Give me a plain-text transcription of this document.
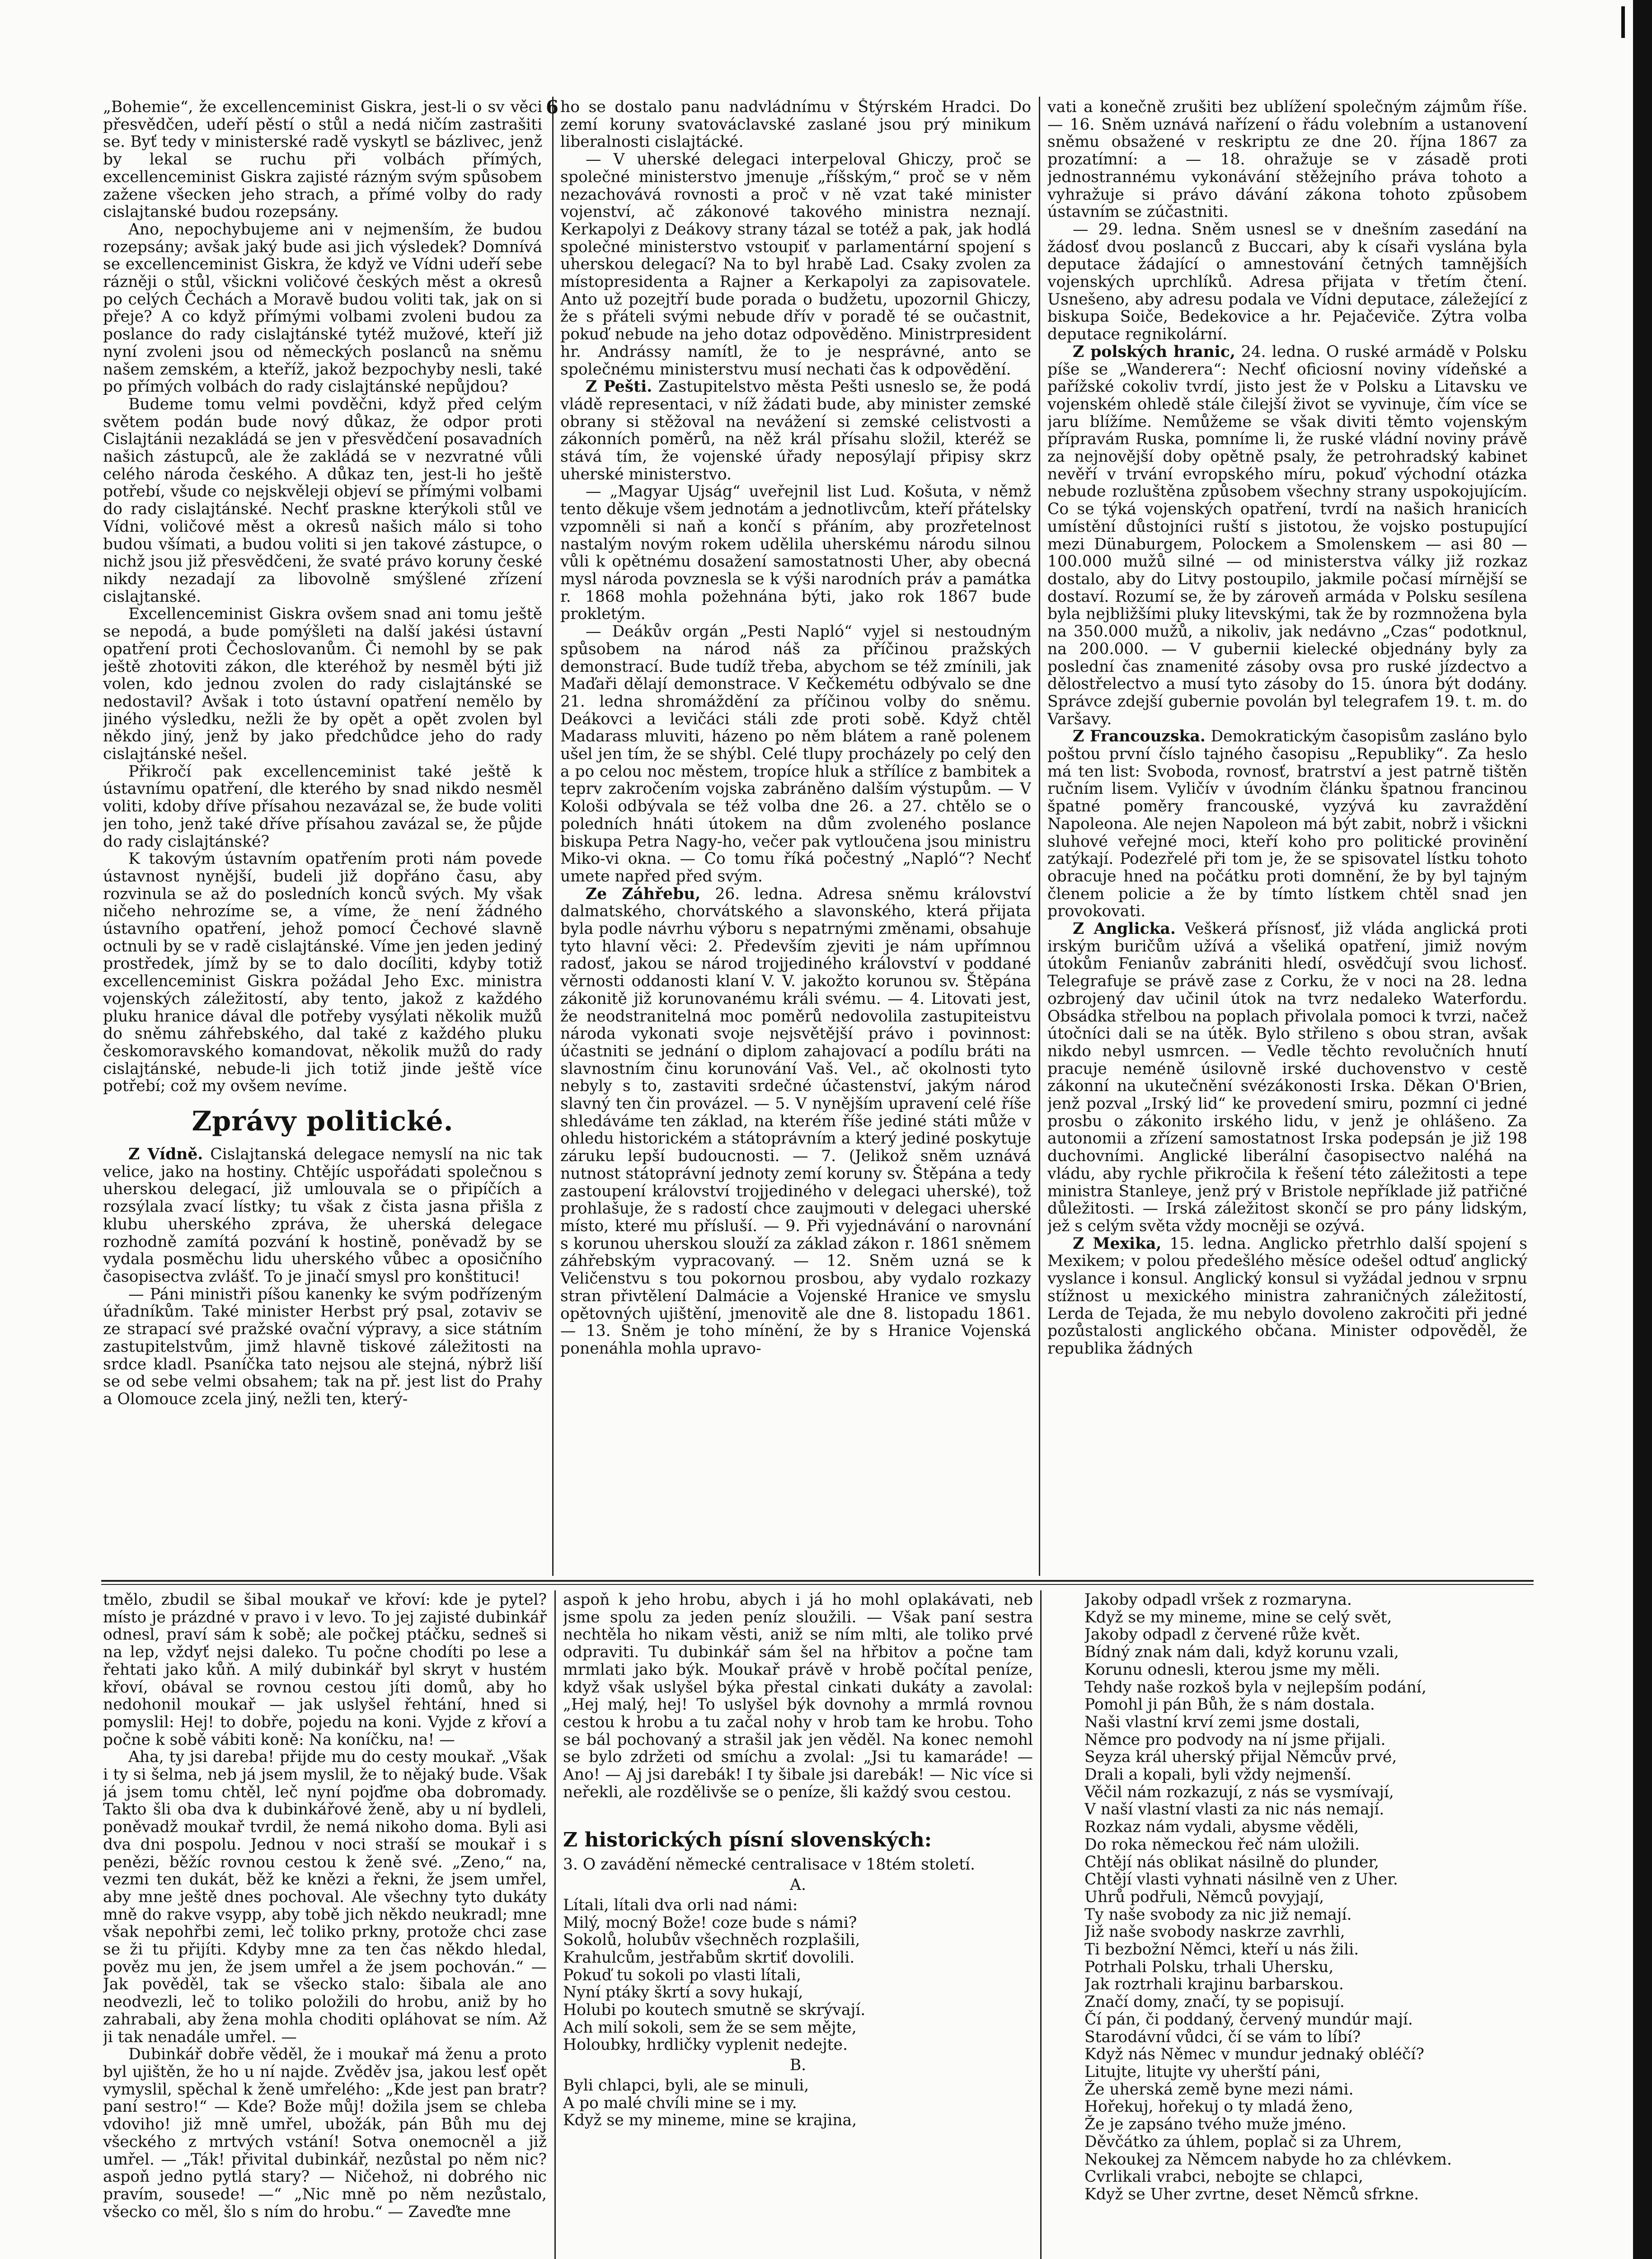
6

„Bohemie“, že excellenceminist Giskra, jest-li o sv věci přesvědčen, udeří pěstí o stůl a nedá ničím zastrašiti se. Byť tedy v ministerské radě vyskytl se bázlivec, jenž by lekal se ruchu při volbách přímých, excellenceminist Giskra zajisté rázným svým spůsobem zažene všecken jeho strach, a přímé volby do rady cislajtanské budou rozepsány.

Ano, nepochybujeme ani v nejmenším, že budou rozepsány; avšak jaký bude asi jich výsledek? Domnívá se excellenceminist Giskra, že když ve Vídni udeří sebe rázněji o stůl, všickni voličové českých měst a okresů po celých Čechách a Moravě budou voliti tak, jak on si přeje? A co když přímými volbami zvoleni budou za poslance do rady cislajtánské tytéž mužové, kteří již nyní zvoleni jsou od německých poslanců na sněmu našem zemském, a kteříž, jakož bezpochyby nesli, také po přímých volbách do rady cislajtánské nepůjdou?

Budeme tomu velmi povděčni, když před celým světem podán bude nový důkaz, že odpor proti Cislajtánii nezakládá se jen v přesvědčení posavadních našich zástupců, ale že zakládá se v nezvratné vůli celého národa českého. A důkaz ten, jest-li ho ještě potřebí, všude co nejskvěleji objeví se přímými volbami do rady cislajtánské. Nechť praskne kterýkoli stůl ve Vídni, voličové měst a okresů našich málo si toho budou všímati, a budou voliti si jen takové zástupce, o nichž jsou již přesvědčeni, že svaté právo koruny české nikdy nezadají za libovolně smýšlené zřízení cislajtanské.

Excellenceminist Giskra ovšem snad ani tomu ještě se nepodá, a bude pomýšleti na další jakési ústavní opatření proti Čechoslovanům. Či nemohl by se pak ještě zhotoviti zákon, dle kteréhož by nesměl býti již volen, kdo jednou zvolen do rady cislajtánské se nedostavil? Avšak i toto ústavní opatření nemělo by jiného výsledku, nežli že by opět a opět zvolen byl někdo jiný, jenž by jako předchůdce jeho do rady cislajtánské nešel.

Přikročí pak excellenceminist také ještě k ústavnímu opatření, dle kterého by snad nikdo nesměl voliti, kdoby dříve přísahou nezavázal se, že bude voliti jen toho, jenž také dříve přísahou zavázal se, že půjde do rady cislajtánské?

K takovým ústavním opatřením proti nám povede ústavnost nynější, budeli již dopřáno času, aby rozvinula se až do posledních konců svých. My však ničeho nehrozíme se, a víme, že není žádného ústavního opatření, jehož pomocí Čechové slavně octnuli by se v radě cislajtánské. Víme jen jeden jediný prostředek, jímž by se to dalo docíliti, kdyby totiž excellenceminist Giskra požádal Jeho Exc. ministra vojenských záležitostí, aby tento, jakož z každého pluku hranice dával dle potřeby vysýlati několik mužů do sněmu záhřebského, dal také z každého pluku českomoravského komandovat, několik mužů do rady cislajtánské, nebude-li jich totiž jinde ještě více potřebí; což my ovšem nevíme.

Zprávy politické.

Z Vídně. Cislajtanská delegace nemyslí na nic tak velice, jako na hostiny. Chtějíc uspořádati společnou s uherskou delegací, již umlouvala se o připíčích a rozsýlala zvací lístky; tu však z čista jasna přišla z klubu uherského zpráva, že uherská delegace rozhodně zamítá pozvání k hostině, poněvadž by se vydala posměchu lidu uherského vůbec a oposičního časopisectva zvlášť. To je jinačí smysl pro konštituci!

— Páni ministři píšou kanenky ke svým podřízeným úřadníkům. Také minister Herbst prý psal, zotaviv se ze strapací své pražské ovační výpravy, a sice státním zastupitelstvům, jimž hlavně tiskové záležitosti na srdce kladl. Psaníčka tato nejsou ale stejná, nýbrž liší se od sebe velmi obsahem; tak na př. jest list do Prahy a Olomouce zcela jiný, nežli ten, který-

ho se dostalo panu nadvládnímu v Štýrském Hradci. Do zemí koruny svatováclavské zaslané jsou prý minikum liberalnosti cislajtácké.

— V uherské delegaci interpeloval Ghiczy, proč se společné ministerstvo jmenuje „říšským,“ proč se v něm nezachovává rovnosti a proč v ně vzat také minister vojenství, ač zákonové takového ministra neznají. Kerkapolyi z Deákovy strany tázal se totéž a pak, jak hodlá společné ministerstvo vstoupiť v parlamentární spojení s uherskou delegací? Na to byl hrabě Lad. Csaky zvolen za místopresidenta a Rajner a Kerkapolyi za zapisovatele. Anto už pozejtří bude porada o budžetu, upozornil Ghiczy, že s přáteli svými nebude dřív v poradě té se oučastnit, pokuď nebude na jeho dotaz odpověděno. Ministrpresident hr. Andrássy namítl, že to je nesprávné, anto se společnému ministerstvu musí nechati čas k odpovědění.

Z Pešti. Zastupitelstvo města Pešti usneslo se, že podá vládě representaci, v níž žádati bude, aby minister zemské obrany si stěžoval na nevážení si zemské celistvosti a zákonních poměrů, na něž král přísahu složil, kteréž se stává tím, že vojenské úřady neposýlají připisy skrz uherské ministerstvo.

— „Magyar Ujság“ uveřejnil list Lud. Košuta, v němž tento děkuje všem jednotám a jednotlivcům, kteří přátelsky vzpomněli si naň a končí s přáním, aby prozřetelnost nastalým novým rokem udělila uherskému národu silnou vůli k opětnému dosažení samostatnosti Uher, aby obecná mysl národa povznesla se k výši narodních práv a památka r. 1868 mohla požehnána býti, jako rok 1867 bude prokletým.

— Deákův orgán „Pesti Napló“ vyjel si nestoudným spůsobem na národ náš za příčinou pražských demonstrací. Bude tudíž třeba, abychom se též zmínili, jak Maďaři dělají demonstrace. V Kečkemétu odbývalo se dne 21. ledna shromáždění za příčinou volby do sněmu. Deákovci a levičáci stáli zde proti sobě. Když chtěl Madarass mluviti, házeno po něm blátem a raně polenem ušel jen tím, že se shýbl. Celé tlupy procházely po celý den a po celou noc městem, tropíce hluk a střílíce z bambitek a teprv zakročením vojska zabráněno dalším výstupům. — V Kološi odbývala se též volba dne 26. a 27. chtělo se o poledních hnáti útokem na dům zvoleného poslance biskupa Petra Nagy-ho, večer pak vytloučena jsou ministru Miko-vi okna. — Co tomu říká počestný „Napló“? Nechť umete napřed před svým.

Ze Záhřebu, 26. ledna. Adresa sněmu království dalmatského, chorvátského a slavonského, která přijata byla podle návrhu výboru s nepatrnými změnami, obsahuje tyto hlavní věci: 2. Především zjeviti je nám upřímnou radosť, jakou se národ trojjediného království v poddané věrnosti oddanosti klaní V. V. jakožto korunou sv. Štěpána zákonitě již korunovanému králi svému. — 4. Litovati jest, že neodstranitelná moc poměrů nedovolila zastupiteistvu národa vykonati svoje nejsvětější právo i povinnost: účastniti se jednání o diplom zahajovací a podílu bráti na slavnostním činu korunování Vaš. Vel., ač okolnosti tyto nebyly s to, zastaviti srdečné účastenství, jakým národ slavný ten čin provázel. — 5. V nynějším upravení celé říše shledáváme ten základ, na kterém říše jediné státi může v ohledu historickém a státoprávním a který jediné poskytuje záruku lepší budoucnosti. — 7. (Jelikož sněm uznává nutnost státoprávní jednoty zemí koruny sv. Štěpána a tedy zastoupení království trojjediného v delegaci uherské), tož prohlašuje, že s radostí chce zaujmouti v delegaci uherské místo, které mu přísluší. — 9. Při vyjednávání o narovnání s korunou uherskou slouží za základ zákon r. 1861 sněmem záhřebským vypracovaný. — 12. Sněm uzná se k Veličenstvu s tou pokornou prosbou, aby vydalo rozkazy stran přivtělení Dalmácie a Vojenské Hranice ve smyslu opětovných ujištění, jmenovitě ale dne 8. listopadu 1861. — 13. Sněm je toho mínění, že by s Hranice Vojenská ponenáhla mohla upravo-

vati a konečně zrušiti bez ublížení společným zájmům říše. — 16. Sněm uznává nařízení o řádu volebním a ustanovení sněmu obsažené v reskriptu ze dne 20. října 1867 za prozatímní: a — 18. ohražuje se v zásadě proti jednostrannému vykonávání stěžejního práva tohoto a vyhražuje si právo dávání zákona tohoto způsobem ústavním se zúčastniti.

— 29. ledna. Sněm usnesl se v dnešním zasedání na žádosť dvou poslanců z Buccari, aby k císaři vyslána byla deputace žádající o amnestování četných tamnějších vojenských uprchlíků. Adresa přijata v třetím čtení. Usnešeno, aby adresu podala ve Vídni deputace, záležející z biskupa Soiče, Bedekovice a hr. Pejačeviče. Zýtra volba deputace regnikolární.

Z polských hranic, 24. ledna. O ruské armádě v Polsku píše se „Wanderera“: Nechť oficiosní noviny vídeňské a pařížské cokoliv tvrdí, jisto jest že v Polsku a Litavsku ve vojenském ohledě stále čilejší život se vyvinuje, čím více se jaru blížíme. Nemůžeme se však diviti těmto vojenským přípravám Ruska, pomníme li, že ruské vládní noviny právě za nejnovější doby opětně psaly, že petrohradský kabinet nevěří v trvání evropského míru, pokuď východní otázka nebude rozluštěna způsobem všechny strany uspokojujícím. Co se týká vojenských opatření, tvrdí na našich hranicích umístění důstojníci ruští s jistotou, že vojsko postupující mezi Dünaburgem, Polockem a Smolenskem — asi 80 — 100.000 mužů silné — od ministerstva války již rozkaz dostalo, aby do Litvy postoupilo, jakmile počasí mírnější se dostaví. Rozumí se, že by zároveň armáda v Polsku sesílena byla nejbližšími pluky litevskými, tak že by rozmnožena byla na 350.000 mužů, a nikoliv, jak nedávno „Czas“ podotknul, na 200.000. — V gubernii kielecké objednány byly za poslední čas znamenité zásoby ovsa pro ruské jízdectvo a dělostřelectvo a musí tyto zásoby do 15. února být dodány. Správce zdejší gubernie povolán byl telegrafem 19. t. m. do Varšavy.

Z Francouzska. Demokratickým časopisům zasláno bylo poštou první číslo tajného časopisu „Republiky“. Za heslo má ten list: Svoboda, rovnosť, bratrství a jest patrně tištěn ručním lisem. Vyličív v úvodním článku špatnou francinou špatné poměry francouské, vyzývá ku zavraždění Napoleona. Ale nejen Napoleon má být zabit, nobrž i všickni sluhové veřejné moci, kteří koho pro politické provinění zatýkají. Podezřelé při tom je, že se spisovatel lístku tohoto obracuje hned na počátku proti domnění, že by byl tajným členem policie a že by tímto lístkem chtěl snad jen provokovati.

Z Anglicka. Veškerá přísnosť, již vláda anglická proti irským buričům užívá a všeliká opatření, jimiž novým útokům Fenianův zabrániti hledí, osvědčují svou lichosť. Telegrafuje se právě zase z Corku, že v noci na 28. ledna ozbrojený dav učinil útok na tvrz nedaleko Waterfordu. Obsádka střelbou na poplach přivolala pomoci k tvrzi, načež útočníci dali se na útěk. Bylo střileno s obou stran, avšak nikdo nebyl usmrcen. — Vedle těchto revolučních hnutí pracuje neméně úsilovně irské duchovenstvo v cestě zákonní na ukutečnění svézákonosti Irska. Děkan O'Brien, jenž pozval „Irský lid“ ke provedení smiru, pozmní ci jedné prosbu o zákonito irského lidu, v jenž je ohlášeno. Za autonomii a zřízení samostatnost Irska podepsán je již 198 duchovními. Anglické liberální časopisectvo naléhá na vládu, aby rychle přikročila k řešení této záležitosti a tepe ministra Stanleye, jenž prý v Bristole nepříklade již patřičné důležitosti. — Irská záležitost skončí se pro pány lidským, jež s celým světa vždy mocněji se ozývá.

Z Mexika, 15. ledna. Anglicko přetrhlo další spojení s Mexikem; v polou předešlého měsíce odešel odtuď anglický vyslance i konsul. Anglický konsul si vyžádal jednou v srpnu stížnost u mexického ministra zahraničných záležitostí, Lerda de Tejada, že mu nebylo dovoleno zakročiti při jedné pozůstalosti anglického občana. Minister odpověděl, že republika žádných

tmělo, zbudil se šibal moukař ve křoví: kde je pytel? místo je prázdné v pravo i v levo. To jej zajisté dubinkář odnesl, praví sám k sobě; ale počkej ptáčku, sedneš si na lep, vždyť nejsi daleko. Tu počne chodíti po lese a řehtati jako kůň. A milý dubinkář byl skryt v hustém křoví, obával se rovnou cestou jíti domů, aby ho nedohonil moukař — jak uslyšel řehtání, hned si pomyslil: Hej! to dobře, pojedu na koni. Vyjde z křoví a počne k sobě vábiti koně: Na koníčku, na! —

Aha, ty jsi dareba! přijde mu do cesty moukař. „Však i ty si šelma, neb já jsem myslil, že to nějaký bude. Však já jsem tomu chtěl, leč nyní pojďme oba dobromady. Takto šli oba dva k dubinkářové ženě, aby u ní bydleli, poněvadž moukař tvrdil, že nemá nikoho doma. Byli asi dva dni pospolu. Jednou v noci straší se moukař i s penězi, běžíc rovnou cestou k ženě své. „Zeno,“ na, vezmi ten dukát, běž ke knězi a řekni, že jsem umřel, aby mne ještě dnes pochoval. Ale všechny tyto dukáty mně do rakve vsypp, aby tobě jich někdo neukradl; mne však nepohřbi zemi, leč toliko prkny, protože chci zase se ži tu přijíti. Kdyby mne za ten čas někdo hledal, pověz mu jen, že jsem umřel a že jsem pochován.“ — Jak pověděl, tak se všecko stalo: šibala ale ano neodvezli, leč to toliko položili do hrobu, aniž by ho zahrabali, aby žena mohla choditi opláhovat se ním. Až ji tak nenadále umřel. —

Dubinkář dobře věděl, že i moukař má ženu a proto byl ujištěn, že ho u ní najde. Zvěděv jsa, jakou lesť opět vymyslil, spěchal k ženě umřelého: „Kde jest pan bratr? paní sestro!“ — Kde? Bože můj! dožila jsem se chleba vdoviho! již mně umřel, ubožák, pán Bůh mu dej všeckého z mrtvých vstání! Sotva onemocněl a již umřel. — „Ták! přivital dubinkář, nezůstal po něm nic? aspoň jedno pytlá stary? — Ničehož, ni dobrého nic pravím, sousede! —“ „Nic mně po něm nezůstalo, všecko co měl, šlo s ním do hrobu.“ — Zaveďte mne

aspoň k jeho hrobu, abych i já ho mohl oplakávati, neb jsme spolu za jeden peníz sloužili. — Však paní sestra nechtěla ho nikam věsti, aniž se ním mlti, ale toliko prvé odpraviti. Tu dubinkář sám šel na hřbitov a počne tam mrmlati jako býk. Moukař právě v hrobě počítal peníze, když však uslyšel býka přestal cinkati dukáty a zavolal: „Hej malý, hej! To uslyšel býk dovnohy a mrmlá rovnou cestou k hrobu a tu začal nohy v hrob tam ke hrobu. Toho se bál pochovaný a strašil jak jen věděl. Na konec nemohl se bylo zdržeti od smíchu a zvolal: „Jsi tu kamaráde! — Ano! — Aj jsi darebák! I ty šibale jsi darebák! — Nic více si neřekli, ale rozdělivše se o peníze, šli každý svou cestou.

Z historických písní slovenských:

3. O zavádění německé centralisace v 18tém století.

A.
Lítali, lítali dva orli nad námi:
Milý, mocný Bože! coze bude s námi?
Sokolů, holubův všechněch rozplašili,
Krahulcům, jestřabům skrtiť dovolili.
Pokuď tu sokoli po vlasti lítali,
Nyní ptáky škrtí a sovy hukají,
Holubi po koutech smutně se skrývají.
Ach milí sokoli, sem že se sem mějte,
Holoubky, hrdličky vyplenit nedejte.
B.
Byli chlapci, byli, ale se minuli,
A po malé chvíli mine se i my.
Když se my mineme, mine se krajina,
Jakoby odpadl vršek z rozmaryna.
Když se my mineme, mine se celý svět,
Jakoby odpadl z červené růže květ.
Bídný znak nám dali, když korunu vzali,
Korunu odnesli, kterou jsme my měli.
Tehdy naše rozkoš byla v nejlepším podání,
Pomohl ji pán Bůh, že s nám dostala.
Naši vlastní krví zemi jsme dostali,
Němce pro podvody na ní jsme přijali.
Seyza král uherský přijal Němcův prvé,
Drali a kopali, byli vždy nejmenší.
Věčil nám rozkazují, z nás se vysmívají,
V naší vlastní vlasti za nic nás nemají.
Rozkaz nám vydali, abysme věděli,
Do roka německou řeč nám uložili.
Chtějí nás oblikat násilně do plunder,
Chtějí vlasti vyhnati násilně ven z Uher.
Uhrů podřuli, Němců povyjají,
Ty naše svobody za nic již nemají.
Již naše svobody naskrze zavrhli,
Ti bezbožní Němci, kteří u nás žili.
Potrhali Polsku, trhali Uhersku,
Jak roztrhali krajinu barbarskou.
Značí domy, značí, ty se popisují.
Čí pán, či poddaný, červený mundúr mají.
Starodávní vůdci, čí se vám to líbí?
Když nás Němec v mundur jednaký obléčí?
Litujte, litujte vy uherští páni,
Že uherská země byne mezi námi.
Hořekuj, hořekuj o ty mladá ženo,
Že je zapsáno tvého muže jméno.
Děvčátko za úhlem, poplač si za Uhrem,
Nekoukej za Němcem nabyde ho za chlévkem.
Cvrlikali vrabci, nebojte se chlapci,
Když se Uher zvrtne, deset Němců sfrkne.
